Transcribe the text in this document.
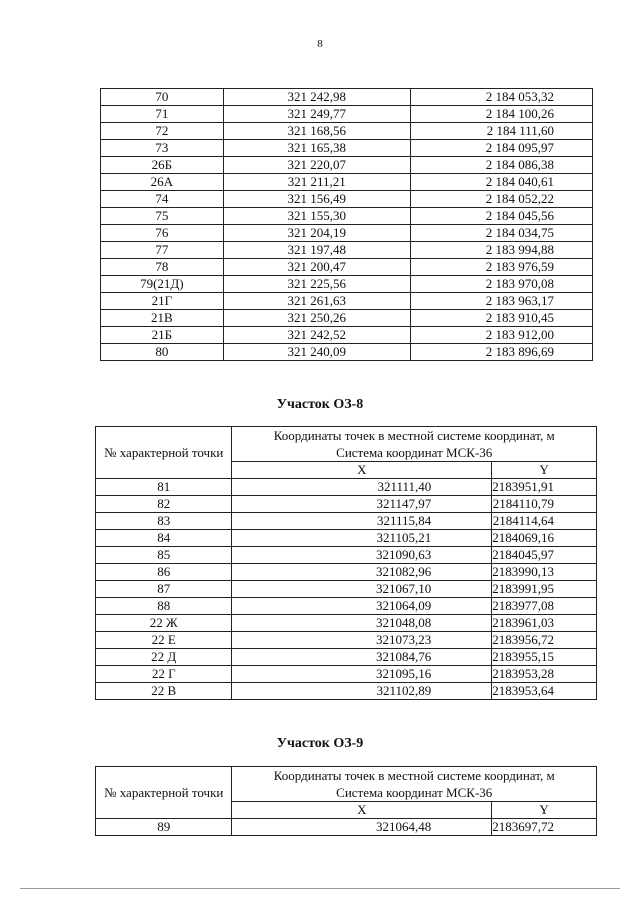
8
70	321 242,98	2 184 053,32
71	321 249,77	2 184 100,26
72	321 168,56	2 184 111,60
73	321 165,38	2 184 095,97
26Б	321 220,07	2 184 086,38
26А	321 211,21	2 184 040,61
74	321 156,49	2 184 052,22
75	321 155,30	2 184 045,56
76	321 204,19	2 184 034,75
77	321 197,48	2 183 994,88
78	321 200,47	2 183 976,59
79(21Д)	321 225,56	2 183 970,08
21Г	321 261,63	2 183 963,17
21В	321 250,26	2 183 910,45
21Б	321 242,52	2 183 912,00
80	321 240,09	2 183 896,69
Участок ОЗ-8
№ характерной точки	Координаты точек в местной системе координат, м
Система координат МСК-36	

	X	Y
81	321111,40	2183951,91
82	321147,97	2184110,79
83	321115,84	2184114,64
84	321105,21	2184069,16
85	321090,63	2184045,97
86	321082,96	2183990,13
87	321067,10	2183991,95
88	321064,09	2183977,08
22 Ж	321048,08	2183961,03
22 Е	321073,23	2183956,72
22 Д	321084,76	2183955,15
22 Г	321095,16	2183953,28
22 В	321102,89	2183953,64
Участок ОЗ-9
№ характерной точки	Координаты точек в местной системе координат, м
Система координат МСК-36	

	X	Y
89	321064,48	2183697,72
